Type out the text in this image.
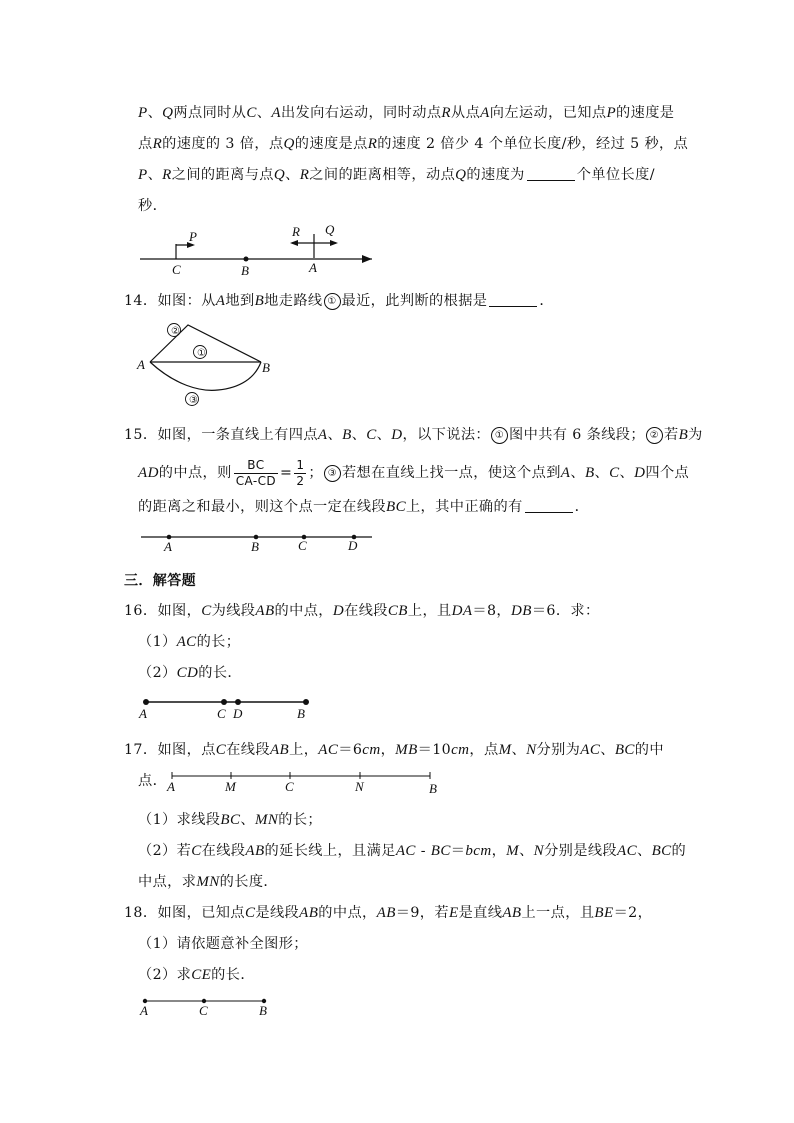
P、Q两点同时从C、A出发向右运动，同时动点R从点A向左运动，已知点P的速度是
点R的速度的 3 倍，点Q的速度是点R的速度 2 倍少 4 个单位长度/秒，经过 5 秒，点
P、R之间的距离与点Q、R之间的距离相等，动点Q的速度为	个单位长度/
秒．
C	B	A
P	R Q
14．如图：从A地到B地走路线 ① 最近，此判断的根据是	．
A	B
①
②
③
15．如图，一条直线上有四点A、B、C、D，以下说法： ① 图中共有 6 条线段； ② 若B为
AD的中点，则 $\frac{BC}{CA-CD} = \frac{1}{2}$ ； ③ 若想在直线上找一点，使这个点到A、B、C、D四个点
的距离之和最小，则这个点一定在线段BC上，其中正确的有	．
A	B	C	D
三．解答题
16．如图，C为线段AB的中点，D在线段CB上，且DA＝8，DB＝6．求：
（1）AC的长；
（2）CD的长．
A	C D	B
17．如图，点C在线段AB上，AC＝6cm，MB＝10cm，点M、N分别为AC、BC的中
点． A	M	C	N	B
（1）求线段BC、MN的长；
（2）若C在线段AB的延长线上，且满足AC - BC＝bcm，M、N分别是线段AC、BC的
中点，求MN的长度．
18．如图，已知点C是线段AB的中点，AB＝9，若E是直线AB上一点，且BE＝2，
（1）请依题意补全图形；
（2）求CE的长．
A	C	B
